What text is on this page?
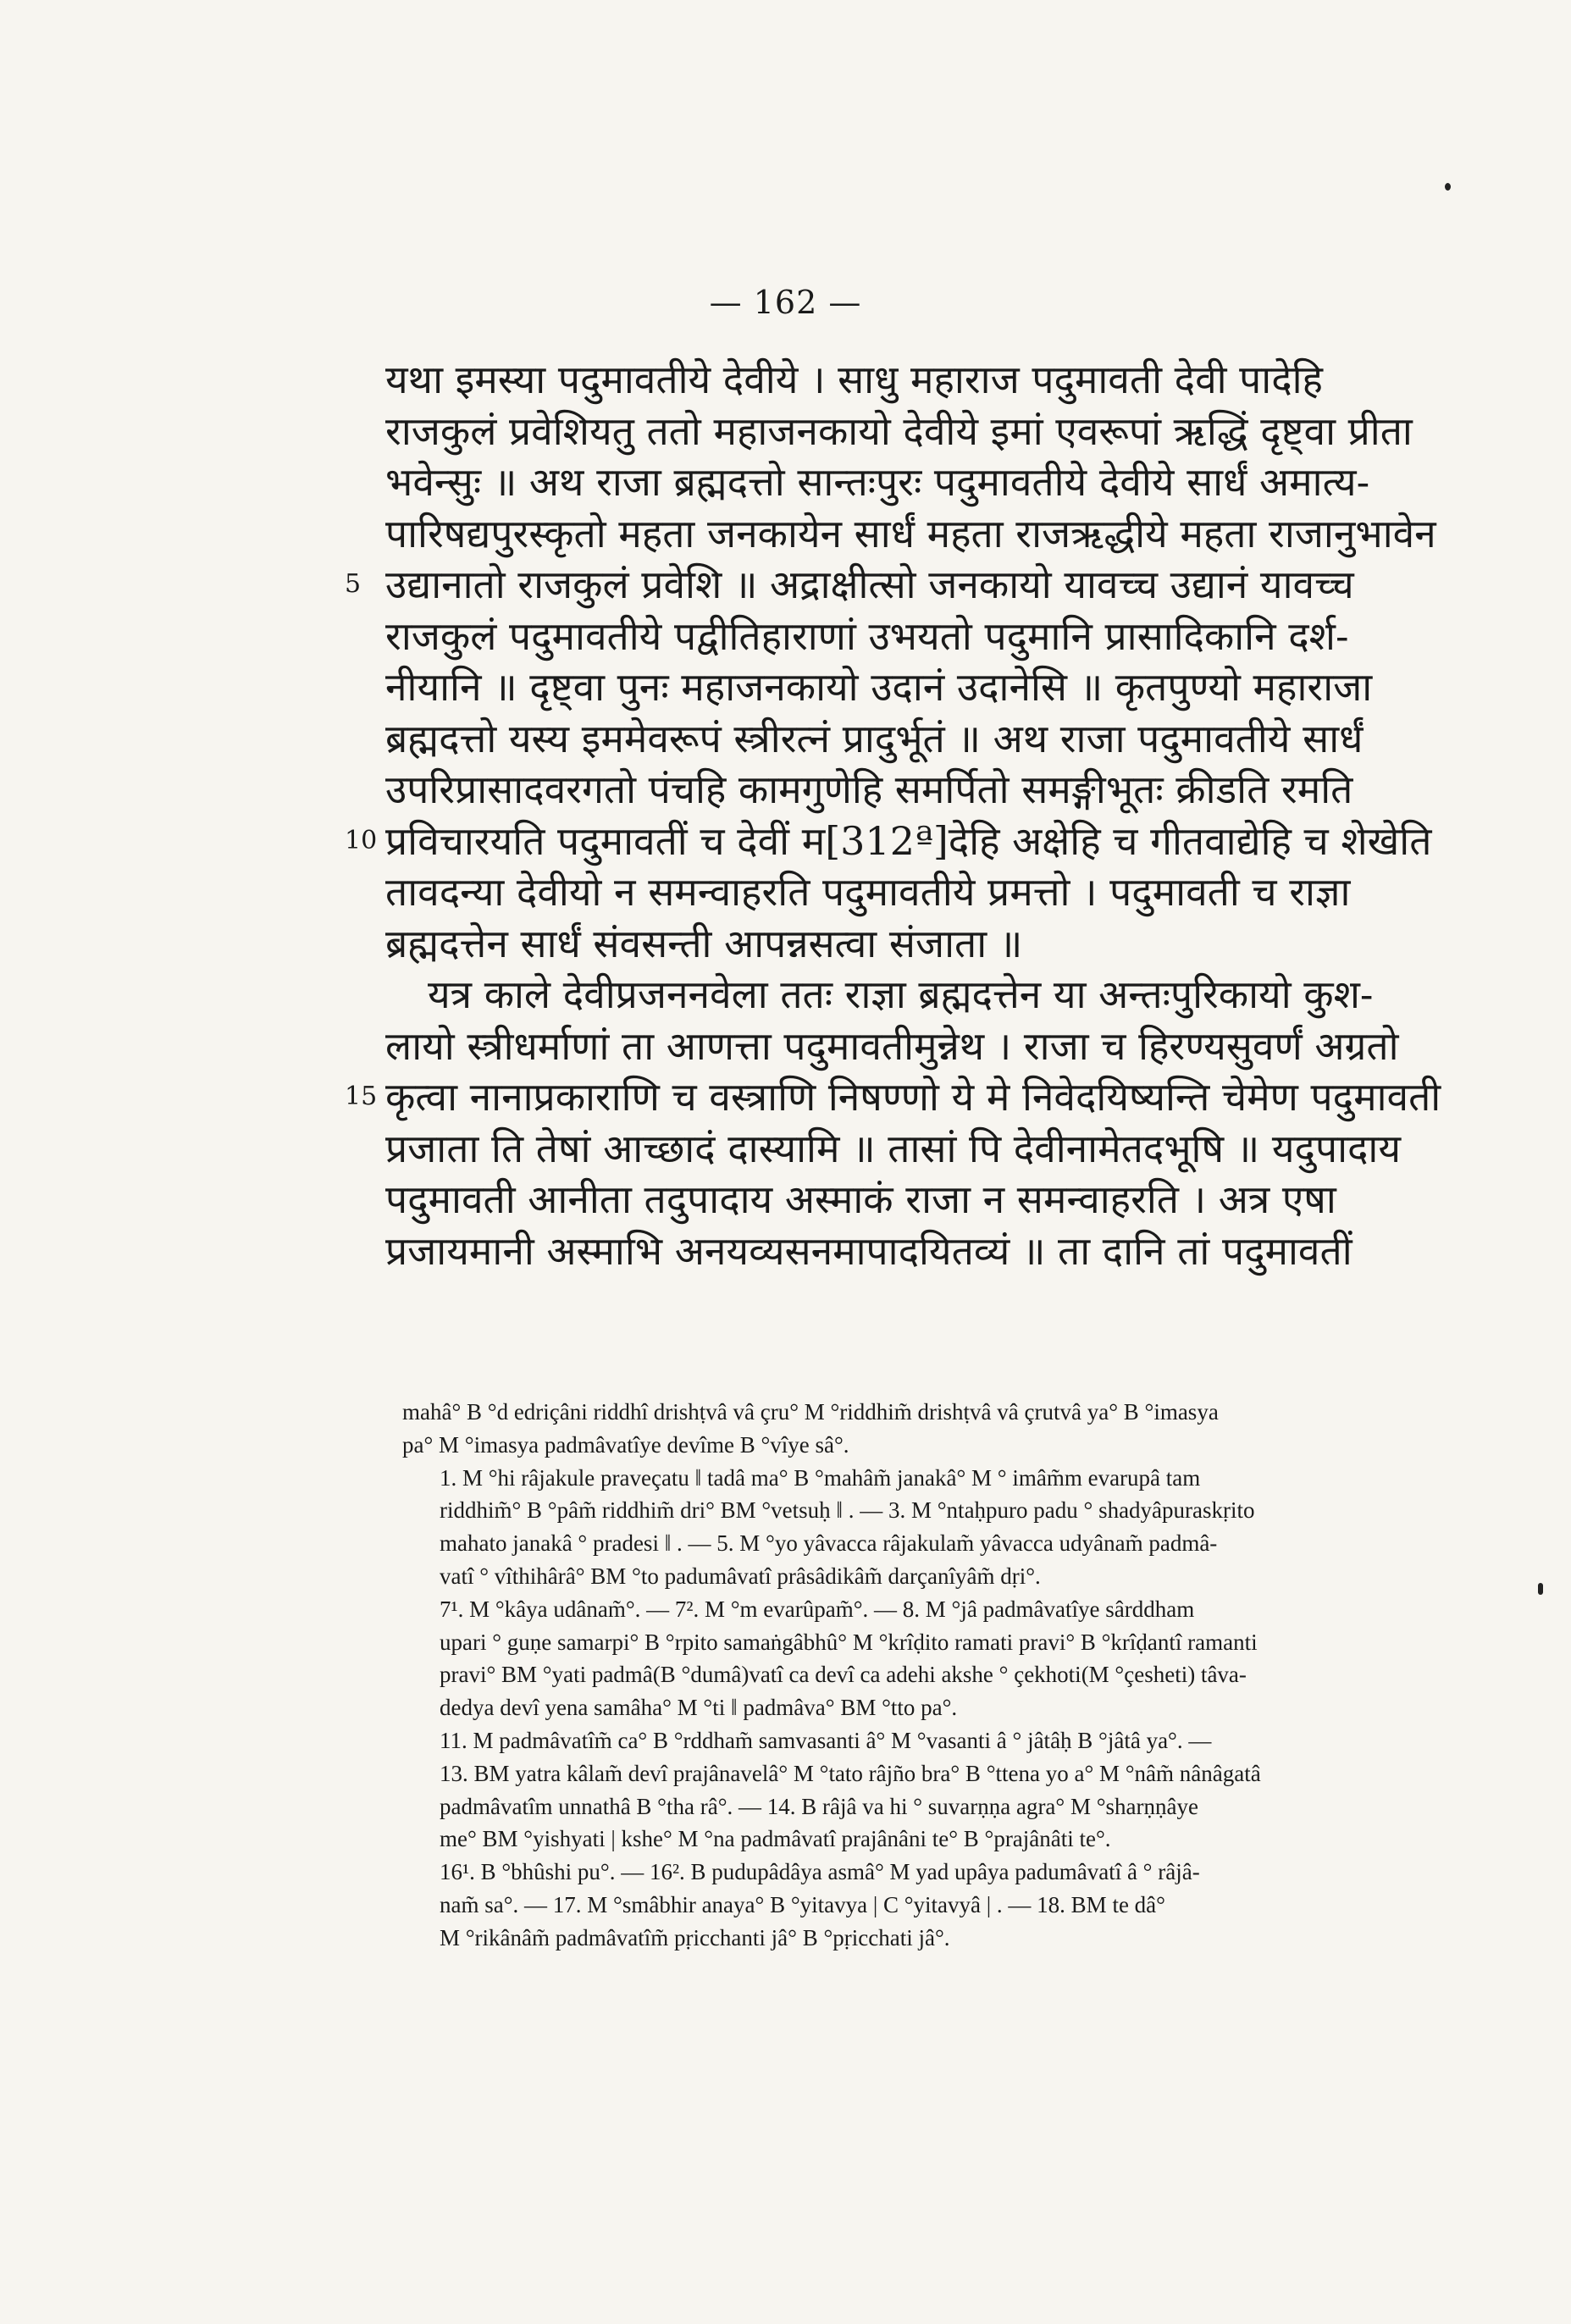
— 162 —
यथा इमस्या पदुमावतीये देवीये । साधु महाराज पदुमावती देवी पादेहि
राजकुलं प्रवेशियतु ततो महाजनकायो देवीये इमां एवरूपां ऋद्धिं दृष्ट्वा प्रीता
भवेन्सुः ॥ अथ राजा ब्रह्मदत्तो सान्तःपुरः पदुमावतीये देवीये सार्धं अमात्य-
पारिषद्यपुरस्कृतो महता जनकायेन सार्धं महता राजऋद्धीये महता राजानुभावेन
5 उद्यानातो राजकुलं प्रवेशि ॥ अद्राक्षीत्सो जनकायो यावच्च उद्यानं यावच्च
राजकुलं पदुमावतीये पद्वीतिहाराणां उभयतो पदुमानि प्रासादिकानि दर्श-
नीयानि ॥ दृष्ट्वा पुनः महाजनकायो उदानं उदानेसि ॥ कृतपुण्यो महाराजा
ब्रह्मदत्तो यस्य इममेवरूपं स्त्रीरत्नं प्रादुर्भूतं ॥ अथ राजा पदुमावतीये सार्धं
उपरिप्रासादवरगतो पंचहि कामगुणेहि समर्पितो समङ्गीभूतः क्रीडति रमति
10 प्रविचारयति पदुमावतीं च देवीं म[312ª]देहि अक्षेहि च गीतवाद्येहि च शेखेति
तावदन्या देवीयो न समन्वाहरति पदुमावतीये प्रमत्तो । पदुमावती च राज्ञा
ब्रह्मदत्तेन सार्धं संवसन्ती आपन्नसत्वा संजाता ॥
यत्र काले देवीप्रजननवेला ततः राज्ञा ब्रह्मदत्तेन या अन्तःपुरिकायो कुश-
लायो स्त्रीधर्माणां ता आणत्ता पदुमावतीमुन्नेथ । राजा च हिरण्यसुवर्णं अग्रतो
15 कृत्वा नानाप्रकाराणि च वस्त्राणि निषण्णो ये मे निवेदयिष्यन्ति चेमेण पदुमावती
प्रजाता ति तेषां आच्छादं दास्यामि ॥ तासां पि देवीनामेतदभूषि ॥ यदुपादाय
पदुमावती आनीता तदुपादाय अस्माकं राजा न समन्वाहरति । अत्र एषा
प्रजायमानी अस्माभि अनयव्यसनमापादयितव्यं ॥ ता दानि तां पदुमावतीं
mahâ° B °d edriçâni riddhî drishṭvâ vâ çru° M °riddhim̃ drishṭvâ vâ çrutvâ ya° B °imasya
pa° M °imasya padmâvatîye devîme B °vîye sâ°.
1. M °hi râjakule praveçatu ‖ tadâ ma° B °mahâm̃ janakâ° M ° imâm̃m evarupâ tam
riddhim̃° B °pâm̃ riddhim̃ dri° BM °vetsuḥ ‖ . — 3. M °ntaḥpuro padu ° shadyâpuraskṛito
mahato janakâ ° pradesi ‖ . — 5. M °yo yâvacca râjakulam̃ yâvacca udyânam̃ padmâ-
vatî ° vîthihârâ° BM °to padumâvatî prâsâdikâm̃ darçanîyâm̃ dṛi°.
7¹. M °kâya udânam̃°. — 7². M °m evarûpam̃°. — 8. M °jâ padmâvatîye sârddham
upari ° guṇe samarpi° B °rpito samaṅgâbhû° M °krîḍito ramati pravi° B °krîḍantî ramanti
pravi° BM °yati padmâ(B °dumâ)vatî ca devî ca adehi akshe ° çekhoti(M °çesheti) tâva-
dedya devî yena samâha° M °ti ‖ padmâva° BM °tto pa°.
11. M padmâvatîm̃ ca° B °rddham̃ samvasanti â° M °vasanti â ° jâtâḥ B °jâtâ ya°. —
13. BM yatra kâlam̃ devî prajânavelâ° M °tato râjño bra° B °ttena yo a° M °nâm̃ nânâgatâ
padmâvatîm unnathâ B °tha râ°. — 14. B râjâ va hi ° suvarṇṇa agra° M °sharṇṇâye
me° BM °yishyati | kshe° M °na padmâvatî prajânâni te° B °prajânâti te°.
16¹. B °bhûshi pu°. — 16². B pudupâdâya asmâ° M yad upâya padumâvatî â ° râjâ-
nam̃ sa°. — 17. M °smâbhir anaya° B °yitavya | C °yitavyâ | . — 18. BM te dâ°
M °rikânâm̃ padmâvatîm̃ pṛicchanti jâ° B °pṛicchati jâ°.
